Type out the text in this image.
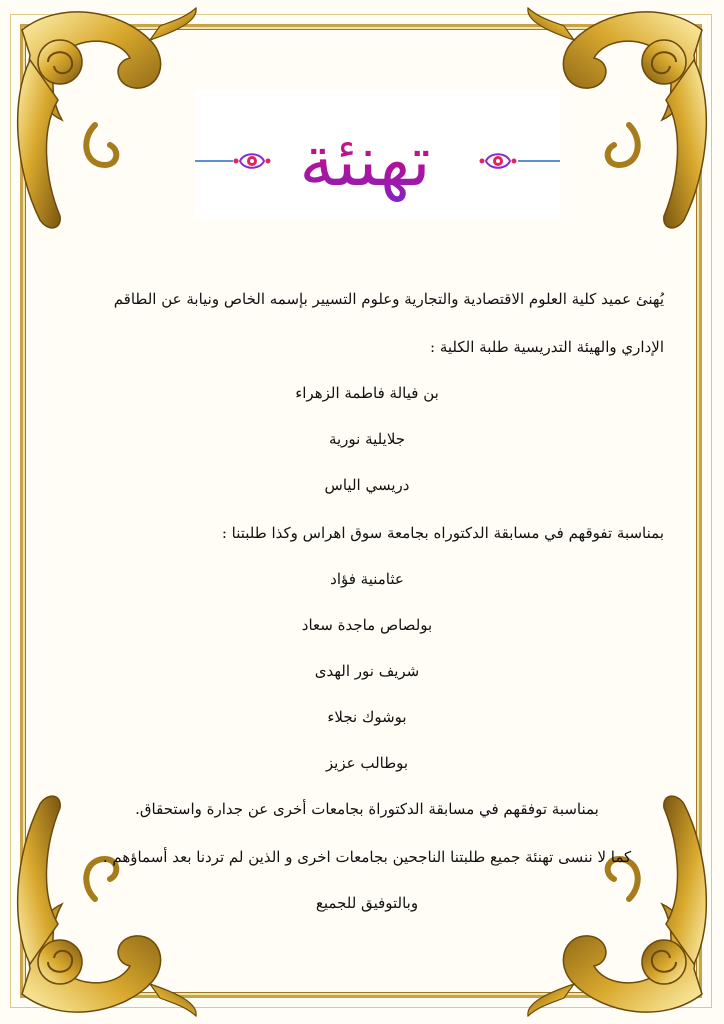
تهنئة
يُهنئ عميد كلية العلوم الاقتصادية والتجارية وعلوم التسيير بإسمه الخاص ونيابة عن الطاقم
الإداري والهيئة التدريسية طلبة الكلية :
بن فيالة فاطمة الزهراء
جلايلية نورية
دريسي الياس
بمناسبة تفوقهم في مسابقة الدكتوراه بجامعة سوق اهراس وكذا طلبتنا :
عثامنية فؤاد
بولصاص ماجدة سعاد
شريف نور الهدى
بوشوك نجلاء
بوطالب عزيز
بمناسبة توفقهم في مسابقة الدكتوراة بجامعات أخرى عن جدارة واستحقاق.
كما لا ننسى تهنئة جميع طلبتنا الناجحين بجامعات اخرى و الذين لم تردنا بعد أسماؤهم .
وبالتوفيق للجميع
